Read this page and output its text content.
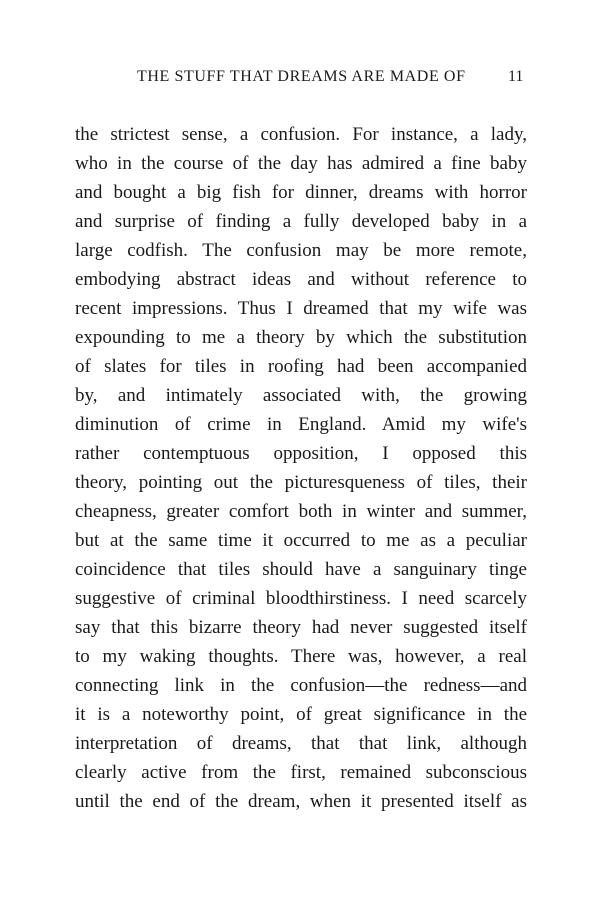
THE STUFF THAT DREAMS ARE MADE OF	11
the strictest sense, a confusion. For instance, a lady,
who in the course of the day has admired a fine baby
and bought a big fish for dinner, dreams with horror
and surprise of finding a fully developed baby in a
large codfish. The confusion may be more remote,
embodying abstract ideas and without reference to
recent impressions. Thus I dreamed that my wife was
expounding to me a theory by which the substitution
of slates for tiles in roofing had been accompanied
by, and intimately associated with, the growing
diminution of crime in England. Amid my wife's
rather contemptuous opposition, I opposed this
theory, pointing out the picturesqueness of tiles, their
cheapness, greater comfort both in winter and summer,
but at the same time it occurred to me as a peculiar
coincidence that tiles should have a sanguinary tinge
suggestive of criminal bloodthirstiness. I need scarcely
say that this bizarre theory had never suggested itself
to my waking thoughts. There was, however, a real
connecting link in the confusion—the redness—and
it is a noteworthy point, of great significance in the
interpretation of dreams, that that link, although
clearly active from the first, remained subconscious
until the end of the dream, when it presented itself as
